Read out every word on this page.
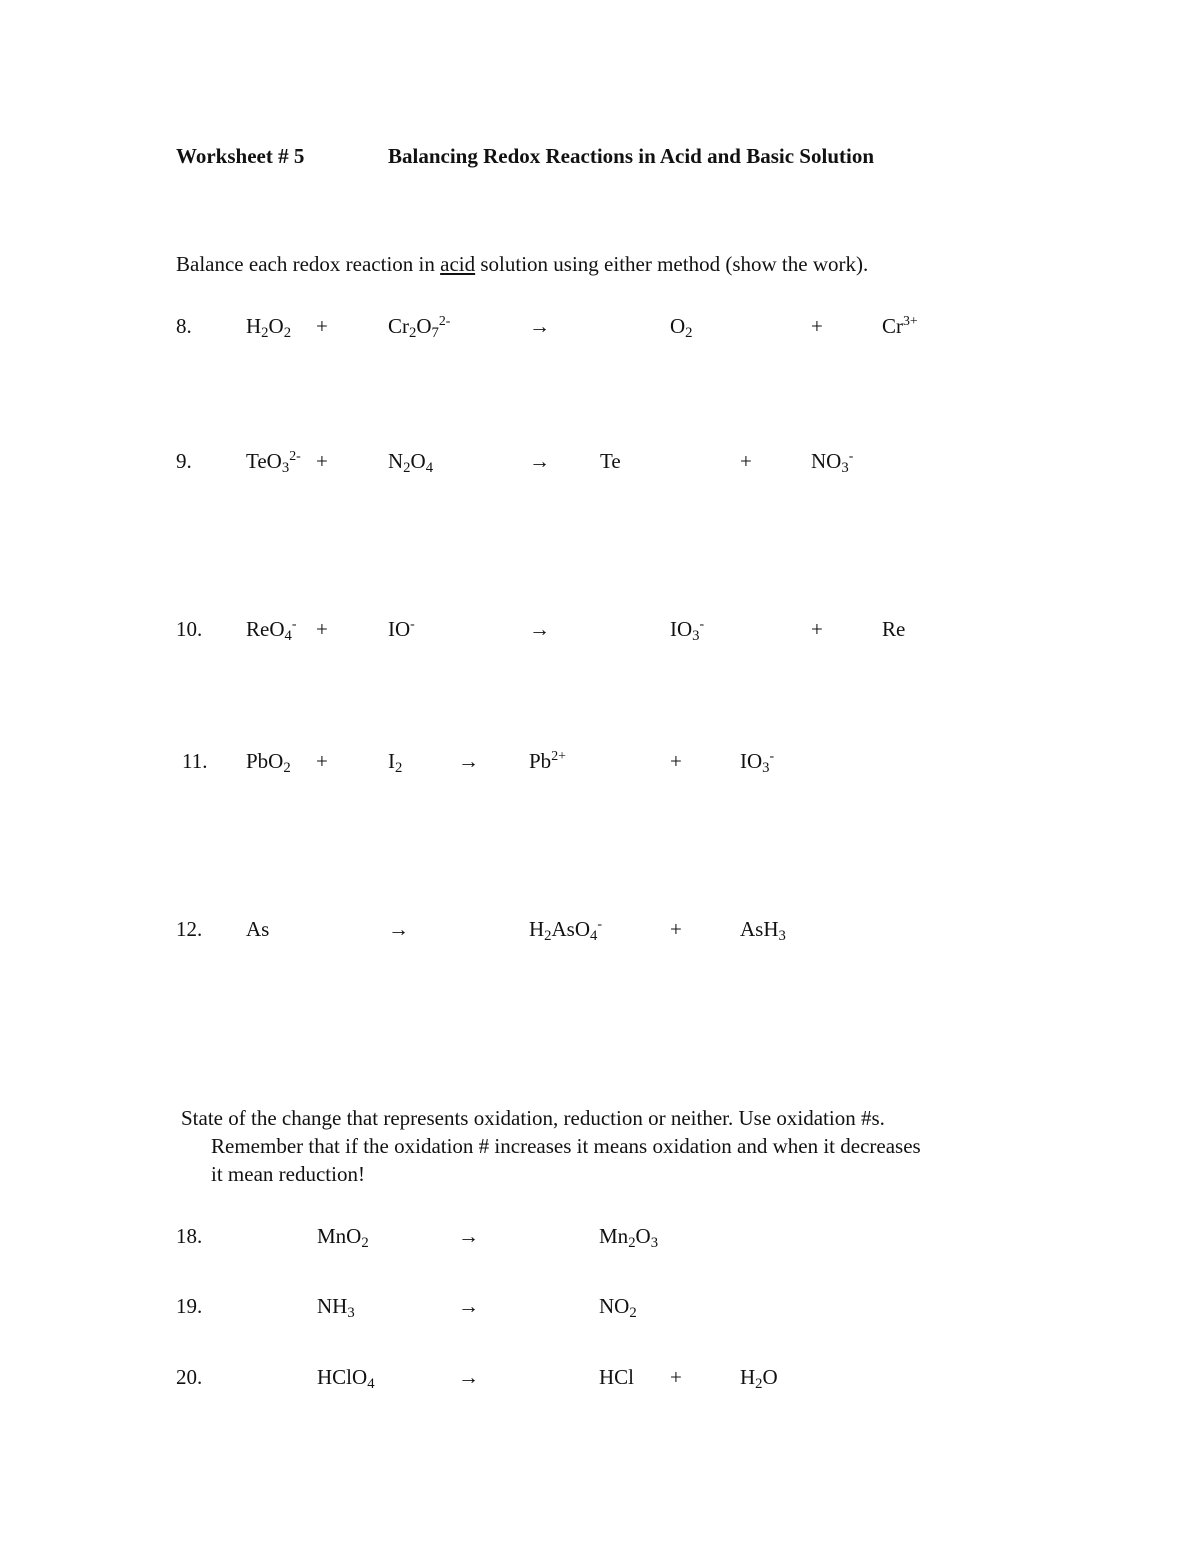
Worksheet # 5	Balancing Redox Reactions in Acid and Basic Solution
Balance each redox reaction in acid solution using either method (show the work).
8.	H2O2 +	$Cr2O7^{2-}$	→	O2	+	$Cr^{3+}$
9.	$TeO3^{2-}$ +	N2O4	→ Te	+	NO3-
10. ReO4- +	IO-	→	IO3-	+	Re
11. PbO2 +	I2	→ $Pb^{2+}$	+	IO3-
12. As	→	H2AsO4-	+	AsH3
State of the change that represents oxidation, reduction or neither. Use oxidation #s.
Remember that if the oxidation # increases it means oxidation and when it decreases
it mean reduction!
18.	MnO2	→	Mn2O3
19.	NH3	→	NO2
20.	HClO4	→	HCl +	H2O
